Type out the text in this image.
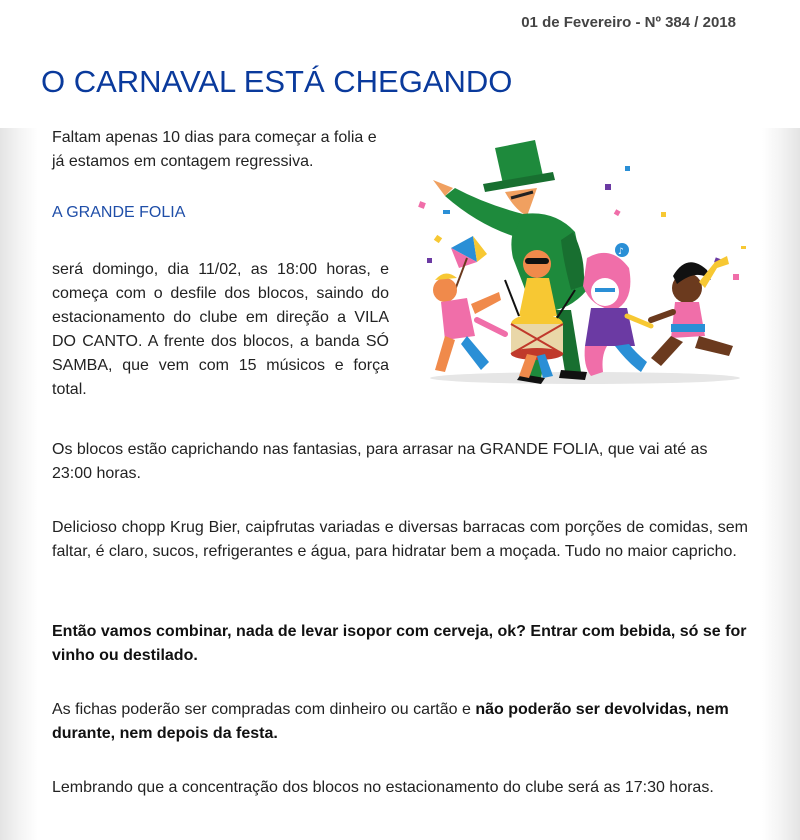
01 de Fevereiro - Nº 384 / 2018
O CARNAVAL ESTÁ CHEGANDO

Faltam apenas 10 dias para começar a folia e já estamos em contagem regressiva.

A GRANDE FOLIA

será domingo, dia 11/02, as 18:00 horas, e começa com o desfile dos blocos, saindo do estacionamento do clube em direção a VILA DO CANTO. A frente dos blocos, a banda SÓ SAMBA, que vem com 15 músicos e força total.

♪

Os blocos estão caprichando nas fantasias, para arrasar na GRANDE FOLIA, que vai até as 23:00 horas.

Delicioso chopp Krug Bier, caipfrutas variadas e diversas barracas com porções de comidas, sem faltar, é claro, sucos, refrigerantes e água, para hidratar bem a moçada. Tudo no maior capricho.

Então vamos combinar, nada de levar isopor com cerveja, ok? Entrar com bebida, só se for vinho ou destilado.

As fichas poderão ser compradas com dinheiro ou cartão e não poderão ser devolvidas, nem durante, nem depois da festa.

Lembrando que a concentração dos blocos no estacionamento do clube será as 17:30 horas.
